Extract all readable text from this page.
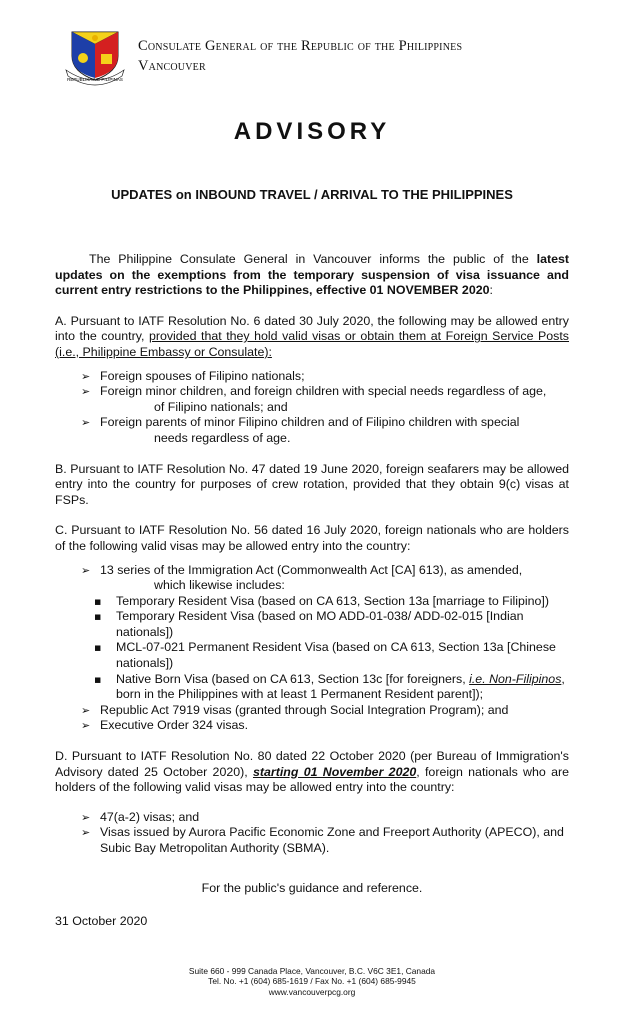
REPUBLIKA NG PILIPINAS
Consulate General of the Republic of the Philippines
Vancouver
ADVISORY
UPDATES on INBOUND TRAVEL / ARRIVAL TO THE PHILIPPINES

The Philippine Consulate General in Vancouver informs the public of the latest updates on the exemptions from the temporary suspension of visa issuance and current entry restrictions to the Philippines, effective 01 NOVEMBER 2020:

A. Pursuant to IATF Resolution No. 6 dated 30 July 2020, the following may be allowed entry into the country, provided that they hold valid visas or obtain them at Foreign Service Posts (i.e., Philippine Embassy or Consulate):

➢ Foreign spouses of Filipino nationals;
➢ Foreign minor children, and foreign children with special needs regardless of age,
of Filipino nationals; and
➢ Foreign parents of minor Filipino children and of Filipino children with special
needs regardless of age.

B. Pursuant to IATF Resolution No. 47 dated 19 June 2020, foreign seafarers may be allowed entry into the country for purposes of crew rotation, provided that they obtain 9(c) visas at FSPs.

C. Pursuant to IATF Resolution No. 56 dated 16 July 2020, foreign nationals who are holders of the following valid visas may be allowed entry into the country:

➢ 13 series of the Immigration Act (Commonwealth Act [CA] 613), as amended,
which likewise includes:
▪ Temporary Resident Visa (based on CA 613, Section 13a [marriage to Filipino])
▪ Temporary Resident Visa (based on MO ADD-01-038/ ADD-02-015 [Indian nationals])
▪ MCL-07-021 Permanent Resident Visa (based on CA 613, Section 13a [Chinese nationals])
▪ Native Born Visa (based on CA 613, Section 13c [for foreigners, i.e. Non-Filipinos, born in the Philippines with at least 1 Permanent Resident parent]);
➢ Republic Act 7919 visas (granted through Social Integration Program); and
➢ Executive Order 324 visas.

D. Pursuant to IATF Resolution No. 80 dated 22 October 2020 (per Bureau of Immigration's Advisory dated 25 October 2020), starting 01 November 2020, foreign nationals who are holders of the following valid visas may be allowed entry into the country:

➢ 47(a-2) visas; and
➢ Visas issued by Aurora Pacific Economic Zone and Freeport Authority (APECO), and Subic Bay Metropolitan Authority (SBMA).

For the public's guidance and reference.

31 October 2020

Suite 660 - 999 Canada Place, Vancouver, B.C. V6C 3E1, Canada
Tel. No. +1 (604) 685-1619 / Fax No. +1 (604) 685-9945
www.vancouverpcg.org
